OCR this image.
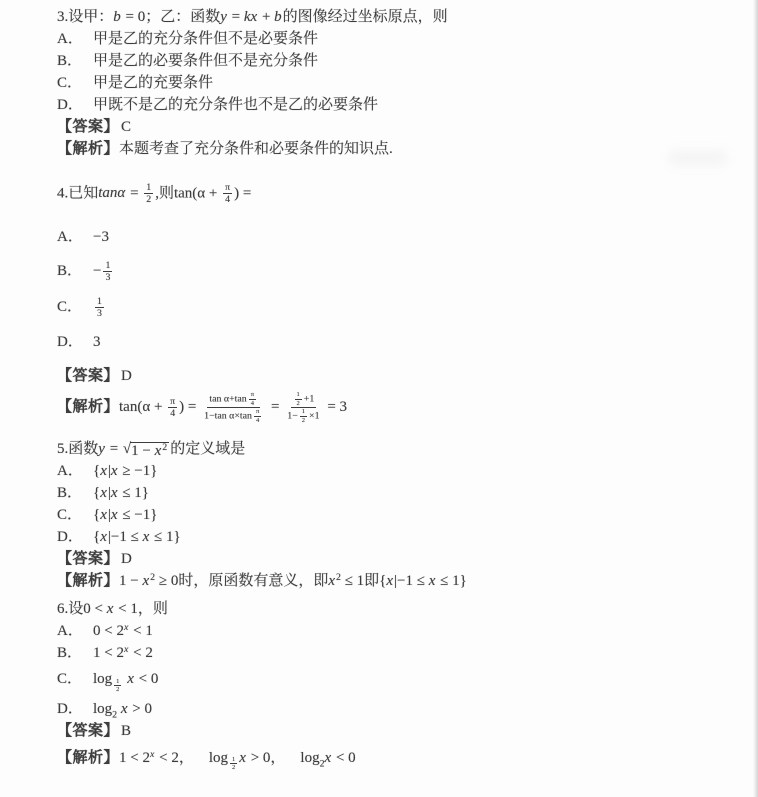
3.设甲：b = 0；乙：函数y = kx + b的图像经过坐标原点，则
A． 甲是乙的充分条件但不是必要条件
B． 甲是乙的必要条件但不是充分条件
C． 甲是乙的充要条件
D． 甲既不是乙的充分条件也不是乙的必要条件
【答案】 C
【解析】本题考查了充分条件和必要条件的知识点.
4.已知$\tan\alpha = \frac{1}{2}$ ,则$\tan(\alpha + \frac{\pi}{4}$ ) =
A． −3
B． − $\frac{1}{3}$
C． $\frac{1}{3}$
D． 3
【答案】 D
【解析】$\tan(\alpha + \frac{\pi}{4}$ ) = $\frac{\tan \alpha+\tan \frac{\pi}{4}}{1-\tan \alpha\times\tan \frac{\pi}{4}} = \frac{\frac{1}{2} +1}{1- \frac{1}{2} \times 1} = 3$
5.函数y = √ $1 - x^2$ 的定义域是
A． {x|x ≥ −1}
B． {x|x ≤ 1}
C． {x|x ≤ −1}
D． {x|−1 ≤ x ≤ 1}
【答案】 D
【解析】$1 - x^2 \ge 0$时，原函数有意义，即$x^2 \le 1$即{x|−1 ≤ x ≤ 1}
6.设0 < x < 1，则
A． $0 < 2^x < 1$
B． $1 < 2^x < 2$
C． log $_{\frac{1}{2}}$ x < 0
D． $\log_2 x > 0$
【答案】 B
【解析】$1 < 2^x < 2$， log $_{\frac{1}{2}}$ x > 0， $\log_2x < 0$
